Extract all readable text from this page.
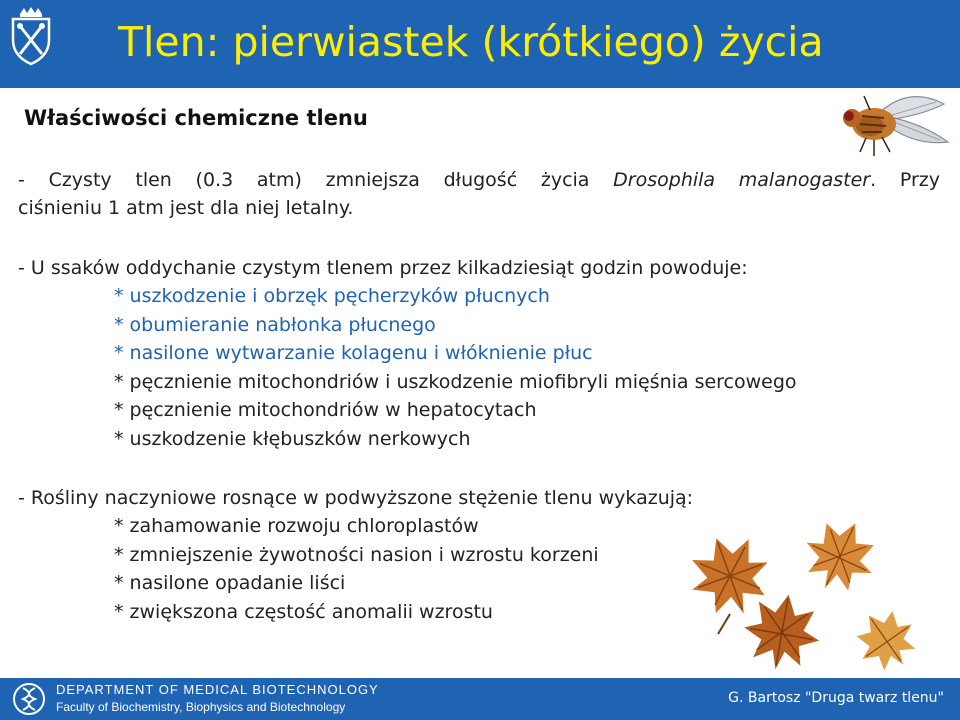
Tlen: pierwiastek (krótkiego) życia
Właściwości chemiczne tlenu
- Czysty tlen (0.3 atm) zmniejsza długość życia Drosophila malanogaster. Przy
ciśnieniu 1 atm jest dla niej letalny.
- U ssaków oddychanie czystym tlenem przez kilkadziesiąt godzin powoduje:
* uszkodzenie i obrzęk pęcherzyków płucnych
* obumieranie nabłonka płucnego
* nasilone wytwarzanie kolagenu i włóknienie płuc
* pęcznienie mitochondriów i uszkodzenie miofibryli mięśnia sercowego
* pęcznienie mitochondriów w hepatocytach
* uszkodzenie kłębuszków nerkowych
- Rośliny naczyniowe rosnące w podwyższone stężenie tlenu wykazują:
* zahamowanie rozwoju chloroplastów
* zmniejszenie żywotności nasion i wzrostu korzeni
* nasilone opadanie liści
* zwiększona częstość anomalii wzrostu
DEPARTMENT OF MEDICAL BIOTECHNOLOGY
Faculty of Biochemistry, Biophysics and Biotechnology
G. Bartosz "Druga twarz tlenu"
